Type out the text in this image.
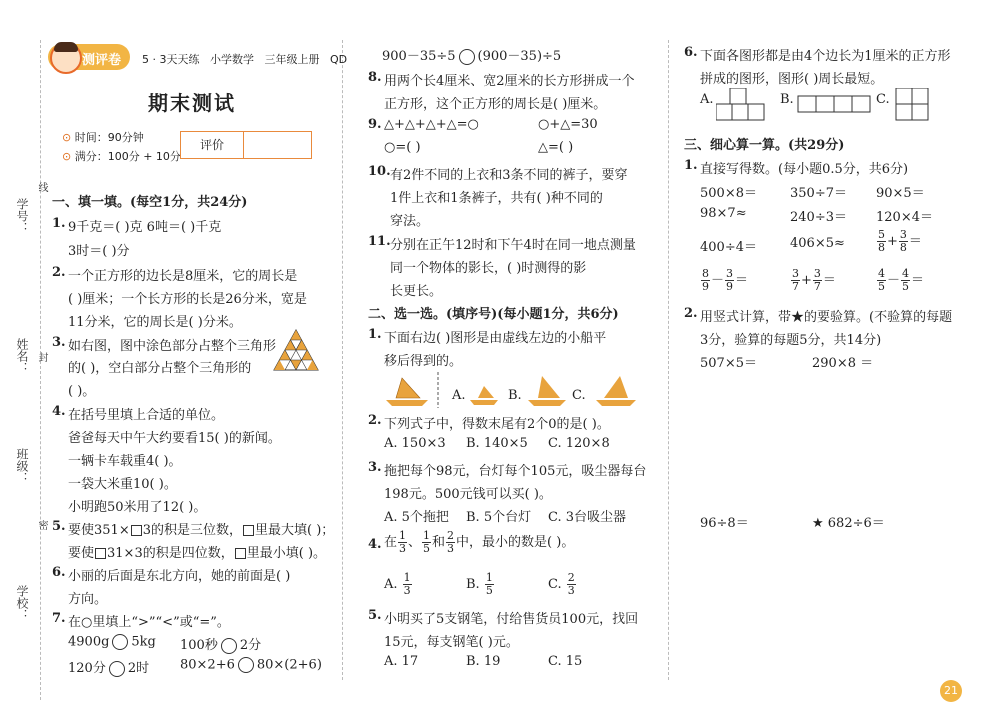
学号：
姓名：
班级：
学校：
线
封
密
测评卷 5 · 3天天练 小学数学 三年级上册 QD
期末测试
⊙ 时间：90分钟
⊙ 满分：100分 + 10分
评价
一、填一填。(每空1分，共24分)
1. 9千克＝( )克 6吨＝( )千克
3时＝( )分
2. 一个正方形的边长是8厘米，它的周长是
( )厘米；一个长方形的长是26分米，宽是
11分米，它的周长是( )分米。
3. 如右图，图中涂色部分占整个三角形
的( )，空白部分占整个三角形的
( )。
4. 在括号里填上合适的单位。
爸爸每天中午大约要看15( )的新闻。
一辆卡车载重4( )。
一袋大米重10( )。
小明跑50米用了12( )。
5. 要使351× 3的积是三位数， 里最大填( )；
要使 31×3的积是四位数， 里最小填( )。
6. 小丽的后面是东北方向，她的前面是( )
方向。
7. 在○里填上“>”“<”或“=”。
4900g 5kg 100秒 2分
120分 2时 80×2+6 80×(2+6)
900－35÷5 (900－35)÷5
8. 用两个长4厘米、宽2厘米的长方形拼成一个
正方形，这个正方形的周长是( )厘米。
9. △+△+△+△=○	○+△=30
○=( )	△=( )
10. 有2件不同的上衣和3条不同的裤子，要穿
1件上衣和1条裤子，共有( )种不同的
穿法。
11. 分别在正午12时和下午4时在同一地点测量
同一个物体的影长，( )时测得的影
长更长。
二、选一选。(填序号)(每小题1分，共6分)
1. 下面右边( )图形是由虚线左边的小船平
移后得到的。
A.	B.	C.
2. 下列式子中，得数末尾有2个0的是( )。
A. 150×3 B. 140×5 C. 120×8
3. 拖把每个98元，台灯每个105元，吸尘器每台
198元。500元钱可以买( )。
A. 5个拖把 B. 5个台灯 C. 3台吸尘器
4. 在 $\frac{1}{3}$ 、 $\frac{1}{5}$ 和 $\frac{2}{3}$ 中，最小的数是( )。
A. $\frac{1}{3}$	B. $\frac{1}{5}$	C. $\frac{2}{3}$
5. 小明买了5支钢笔，付给售货员100元，找回
15元，每支钢笔( )元。
A. 17	B. 19	C. 15
6. 下面各图形都是由4个边长为1厘米的正方形
拼成的图形，图形( )周长最短。
A.	B.	C.
三、细心算一算。(共29分)
1. 直接写得数。(每小题0.5分，共6分)
500×8＝	350÷7＝ 90×5＝
98×7≈	240÷3＝ 120×4＝
400÷4＝	406×5≈	$\frac{5}{8} + \frac{3}{8}$ ＝
$\frac{8}{9} - \frac{3}{9}$ ＝	$\frac{3}{7} + \frac{3}{7}$ ＝	$\frac{4}{5} - \frac{4}{5}$ ＝
2. 用竖式计算，带★的要验算。(不验算的每题
3分，验算的每题5分，共14分)
507×5＝	290×8 ＝
96÷8＝	★ 682÷6＝
21
